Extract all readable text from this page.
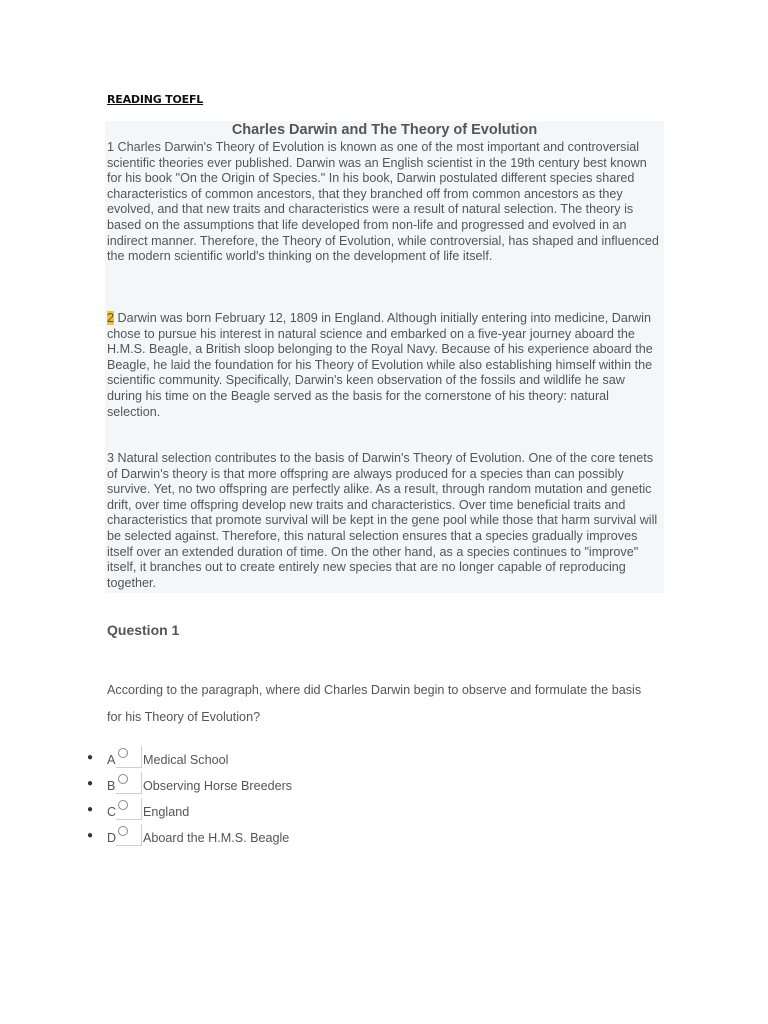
READING TOEFL
Charles Darwin and The Theory of Evolution

1 Charles Darwin's Theory of Evolution is known as one of the most important and controversial scientific theories ever published. Darwin was an English scientist in the 19th century best known for his book "On the Origin of Species." In his book, Darwin postulated different species shared characteristics of common ancestors, that they branched off from common ancestors as they evolved, and that new traits and characteristics were a result of natural selection. The theory is based on the assumptions that life developed from non-life and progressed and evolved in an indirect manner. Therefore, the Theory of Evolution, while controversial, has shaped and influenced the modern scientific world's thinking on the development of life itself.

2 Darwin was born February 12, 1809 in England. Although initially entering into medicine, Darwin chose to pursue his interest in natural science and embarked on a five-year journey aboard the H.M.S. Beagle, a British sloop belonging to the Royal Navy. Because of his experience aboard the Beagle, he laid the foundation for his Theory of Evolution while also establishing himself within the scientific community. Specifically, Darwin's keen observation of the fossils and wildlife he saw during his time on the Beagle served as the basis for the cornerstone of his theory: natural selection.

3 Natural selection contributes to the basis of Darwin's Theory of Evolution. One of the core tenets of Darwin's theory is that more offspring are always produced for a species than can possibly survive. Yet, no two offspring are perfectly alike. As a result, through random mutation and genetic drift, over time offspring develop new traits and characteristics. Over time beneficial traits and characteristics that promote survival will be kept in the gene pool while those that harm survival will be selected against. Therefore, this natural selection ensures that a species gradually improves itself over an extended duration of time. On the other hand, as a species continues to "improve" itself, it branches out to create entirely new species that are no longer capable of reproducing together.

Question 1
According to the paragraph, where did Charles Darwin begin to observe and formulate the basis for his Theory of Evolution?
● A Medical School
● B Observing Horse Breeders
● C England
● D Aboard the H.M.S. Beagle
